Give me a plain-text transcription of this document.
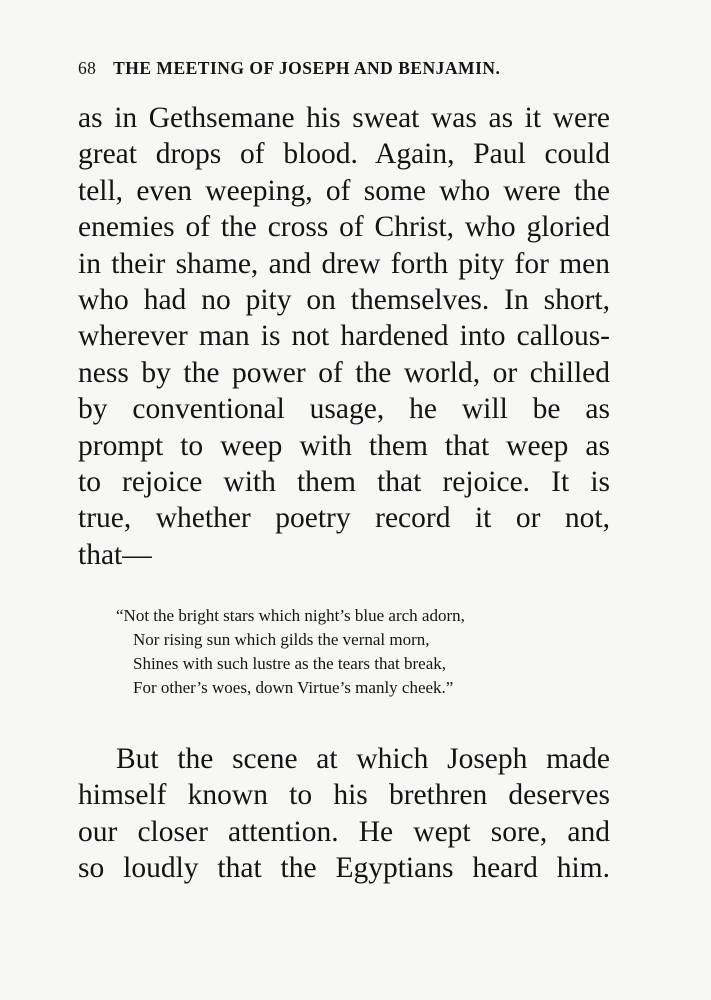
68 THE MEETING OF JOSEPH AND BENJAMIN.
as in Gethsemane his sweat was as it were
great drops of blood. Again, Paul could
tell, even weeping, of some who were the
enemies of the cross of Christ, who gloried
in their shame, and drew forth pity for men
who had no pity on themselves. In short,
wherever man is not hardened into callous-
ness by the power of the world, or chilled
by conventional usage, he will be as
prompt to weep with them that weep as
to rejoice with them that rejoice. It is
true, whether poetry record it or not,
that—
“Not the bright stars which night’s blue arch adorn,
Nor rising sun which gilds the vernal morn,
Shines with such lustre as the tears that break,
For other’s woes, down Virtue’s manly cheek.”
But the scene at which Joseph made
himself known to his brethren deserves
our closer attention. He wept sore, and
so loudly that the Egyptians heard him.
